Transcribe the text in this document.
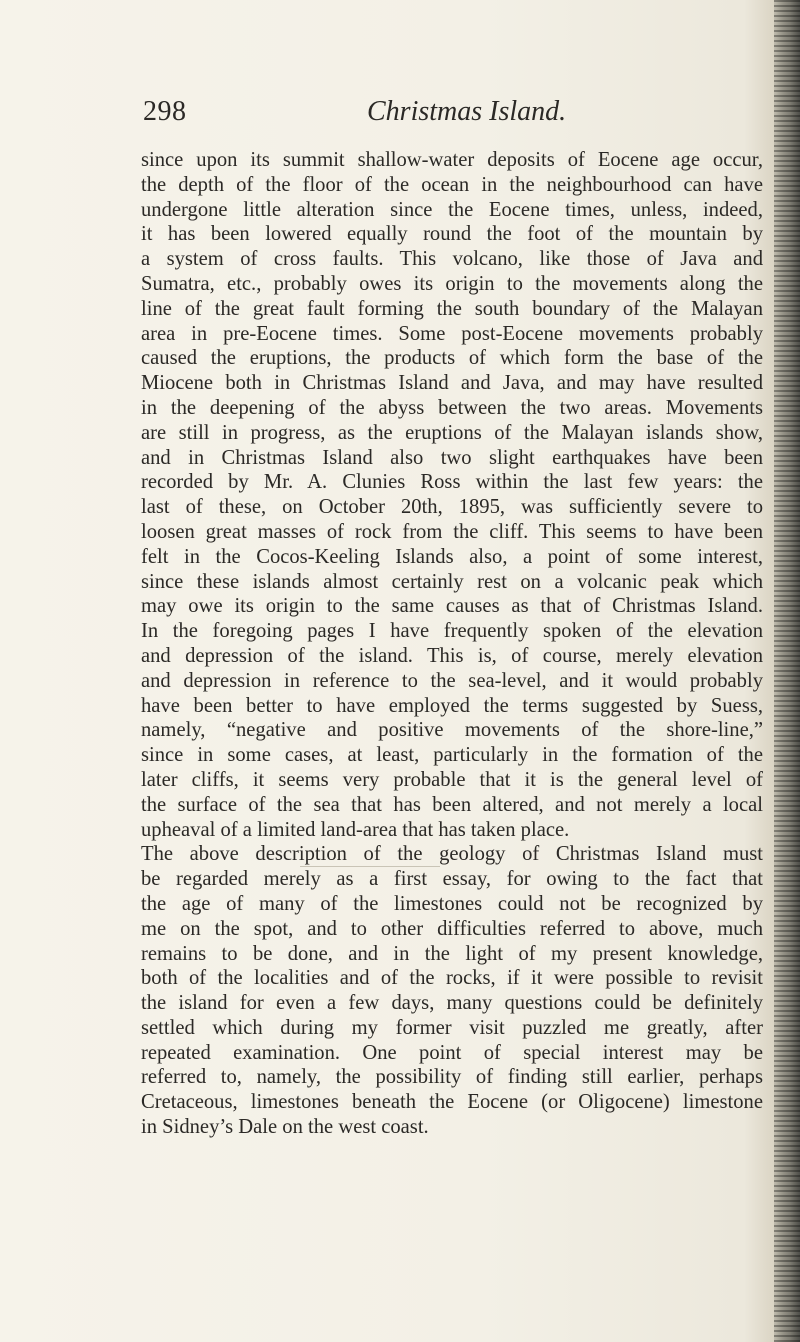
298	Christmas Island.
since upon its summit shallow-water deposits of Eocene age occur,
the depth of the floor of the ocean in the neighbourhood can have
undergone little alteration since the Eocene times, unless, indeed,
it has been lowered equally round the foot of the mountain by
a system of cross faults. This volcano, like those of Java and
Sumatra, etc., probably owes its origin to the movements along the
line of the great fault forming the south boundary of the Malayan
area in pre-Eocene times. Some post-Eocene movements probably
caused the eruptions, the products of which form the base of the
Miocene both in Christmas Island and Java, and may have resulted
in the deepening of the abyss between the two areas. Movements
are still in progress, as the eruptions of the Malayan islands show,
and in Christmas Island also two slight earthquakes have been
recorded by Mr. A. Clunies Ross within the last few years: the
last of these, on October 20th, 1895, was sufficiently severe to
loosen great masses of rock from the cliff. This seems to have been
felt in the Cocos-Keeling Islands also, a point of some interest,
since these islands almost certainly rest on a volcanic peak which
may owe its origin to the same causes as that of Christmas Island.
In the foregoing pages I have frequently spoken of the elevation
and depression of the island. This is, of course, merely elevation
and depression in reference to the sea-level, and it would probably
have been better to have employed the terms suggested by Suess,
namely, “negative and positive movements of the shore-line,”
since in some cases, at least, particularly in the formation of the
later cliffs, it seems very probable that it is the general level of
the surface of the sea that has been altered, and not merely a local
upheaval of a limited land-area that has taken place.
The above description of the geology of Christmas Island must
be regarded merely as a first essay, for owing to the fact that
the age of many of the limestones could not be recognized by
me on the spot, and to other difficulties referred to above, much
remains to be done, and in the light of my present knowledge,
both of the localities and of the rocks, if it were possible to revisit
the island for even a few days, many questions could be definitely
settled which during my former visit puzzled me greatly, after
repeated examination. One point of special interest may be
referred to, namely, the possibility of finding still earlier, perhaps
Cretaceous, limestones beneath the Eocene (or Oligocene) limestone
in Sidney’s Dale on the west coast.
